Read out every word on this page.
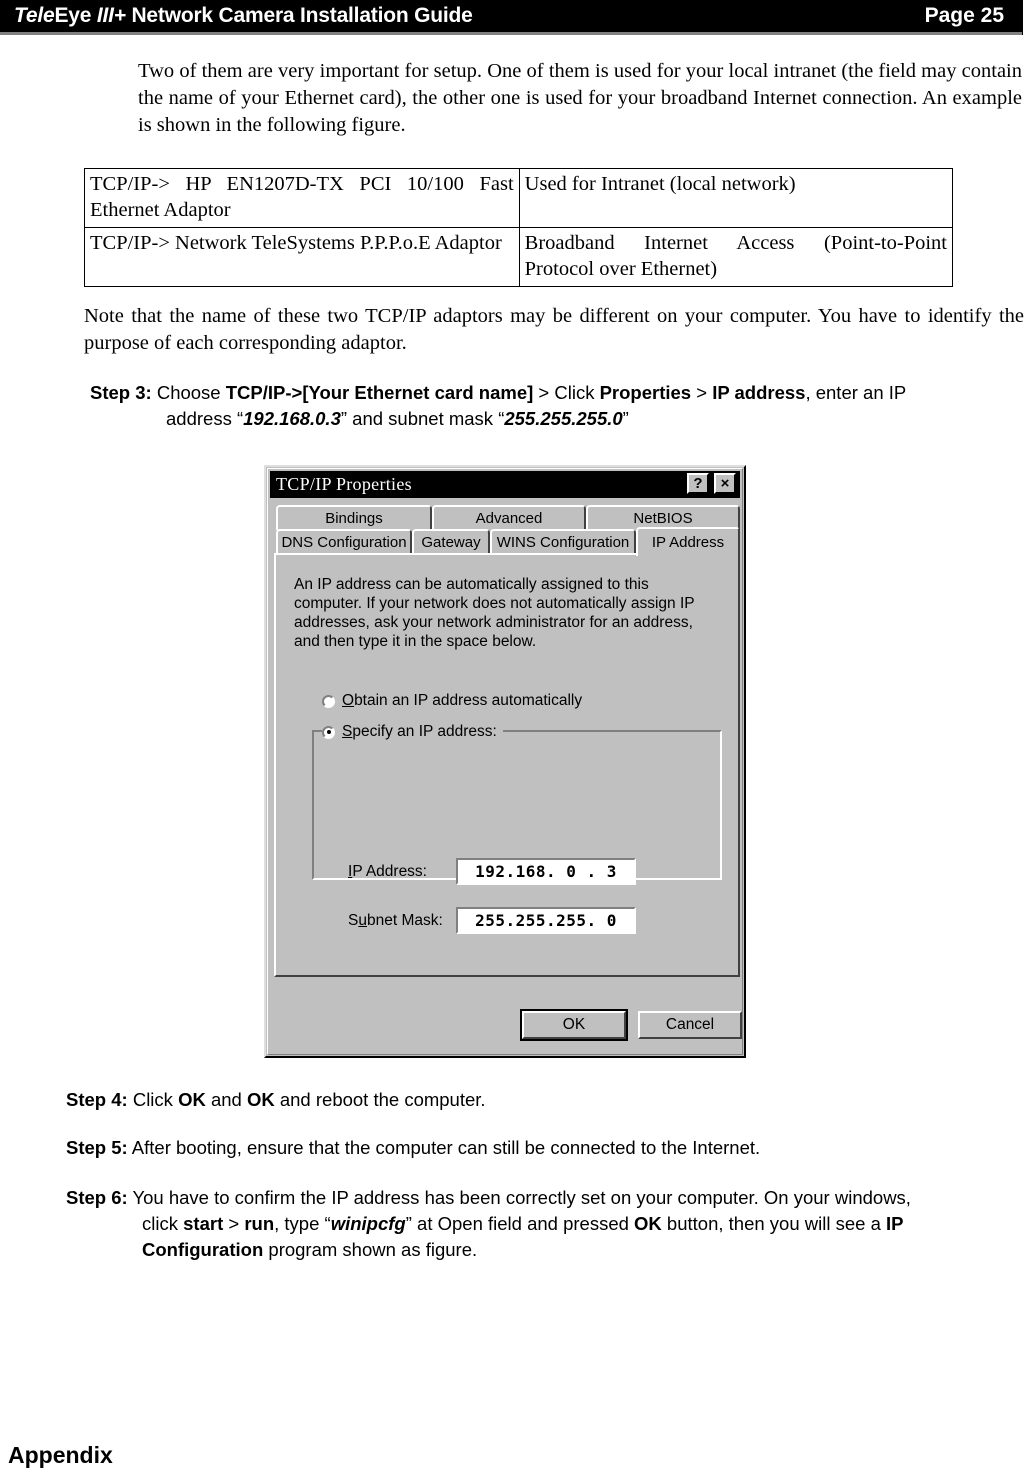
TeleEye III+ Network Camera Installation Guide	Page 25
Two of them are very important for setup. One of them is used for your local intranet (the field may contain the name of your Ethernet card), the other one is used for your broadband Internet connection. An example is shown in the following figure.
TCP/IP-> HP EN1207D-TX PCI 10/100 Fast Ethernet Adaptor	Used for Intranet (local network)
TCP/IP-> Network TeleSystems P.P.P.o.E Adaptor	Broadband Internet Access (Point-to-Point Protocol over Ethernet)
Note that the name of these two TCP/IP adaptors may be different on your computer. You have to identify the purpose of each corresponding adaptor.
Step 3: Choose TCP/IP->[Your Ethernet card name] > Click Properties > IP address, enter an IP
address “192.168.0.3” and subnet mask “255.255.255.0”
TCP/IP Properties	?	×
Bindings	Advanced	NetBIOS
DNS Configuration Gateway	WINS Configuration	IP Address
An IP address can be automatically assigned to this computer. If your network does not automatically assign IP addresses, ask your network administrator for an address, and then type it in the space below.
O btain an IP address automatically
S pecify an IP address:
IP Address:	192.168. 0 . 3
Subnet Mask:	255.255.255. 0
OK	Cancel
Step 4: Click OK and OK and reboot the computer.
Step 5: After booting, ensure that the computer can still be connected to the Internet.
Step 6: You have to confirm the IP address has been correctly set on your computer. On your windows,
click start > run, type “winipcfg” at Open field and pressed OK button, then you will see a IP Configuration program shown as figure.
Appendix
